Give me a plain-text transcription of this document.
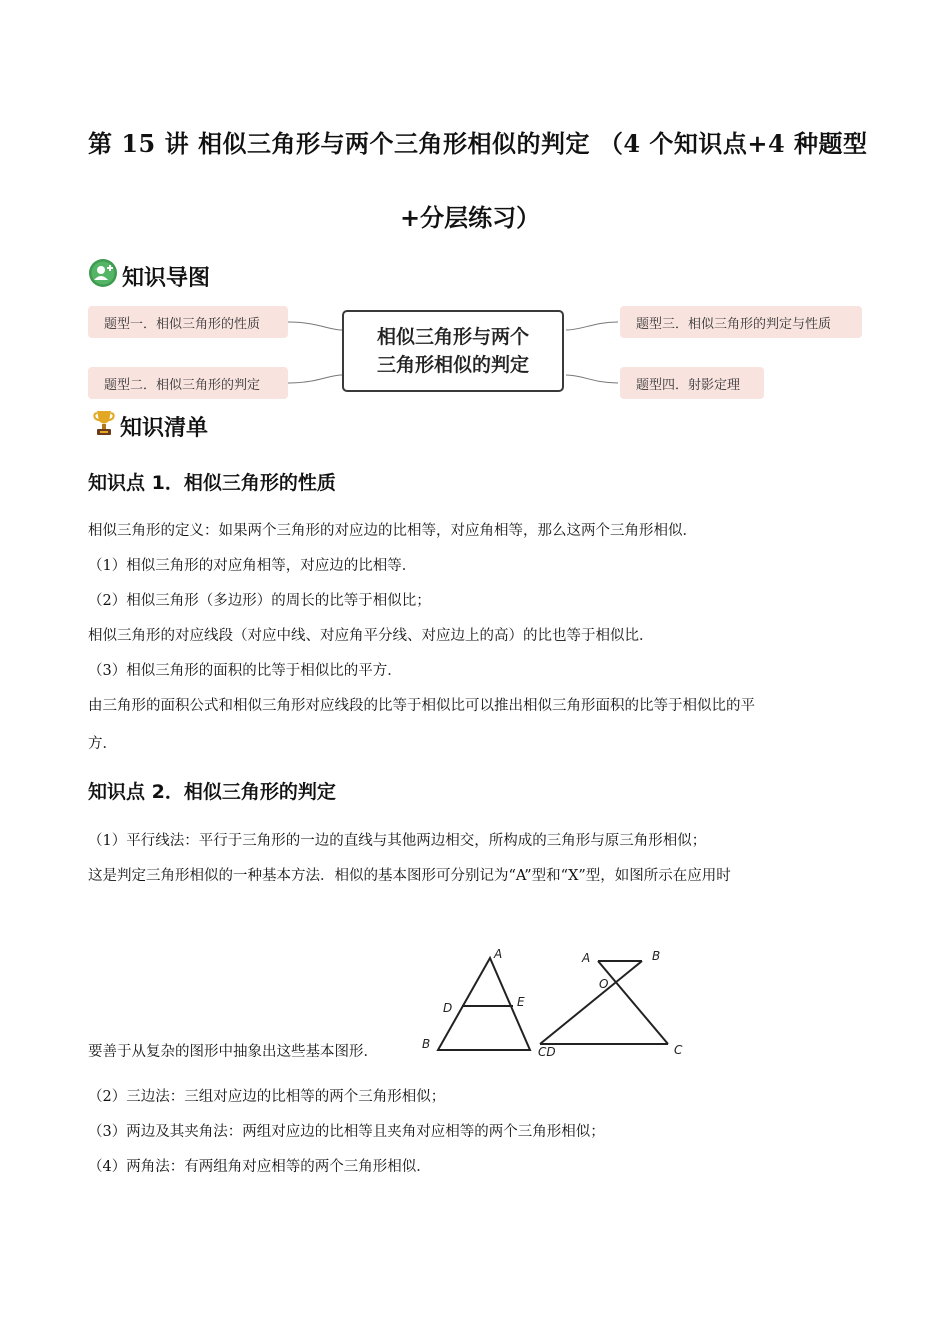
第 15 讲 相似三角形与两个三角形相似的判定 （4 个知识点+4 种题型
+分层练习）
知识导图
题型一．相似三角形的性质
题型二．相似三角形的判定
题型三．相似三角形的判定与性质
题型四．射影定理
相似三角形与两个
三角形相似的判定
知识清单
知识点 1．相似三角形的性质
相似三角形的定义：如果两个三角形的对应边的比相等，对应角相等，那么这两个三角形相似．
（1）相似三角形的对应角相等，对应边的比相等．
（2）相似三角形（多边形）的周长的比等于相似比；
相似三角形的对应线段（对应中线、对应角平分线、对应边上的高）的比也等于相似比．
（3）相似三角形的面积的比等于相似比的平方．
由三角形的面积公式和相似三角形对应线段的比等于相似比可以推出相似三角形面积的比等于相似比的平
方．
知识点 2．相似三角形的判定
（1）平行线法：平行于三角形的一边的直线与其他两边相交，所构成的三角形与原三角形相似；
这是判定三角形相似的一种基本方法．相似的基本图形可分别记为“A”型和“X”型，如图所示在应用时
要善于从复杂的图形中抽象出这些基本图形．
A
D	E
B
A	B
O
CD	C
（2）三边法：三组对应边的比相等的两个三角形相似；
（3）两边及其夹角法：两组对应边的比相等且夹角对应相等的两个三角形相似；
（4）两角法：有两组角对应相等的两个三角形相似．
